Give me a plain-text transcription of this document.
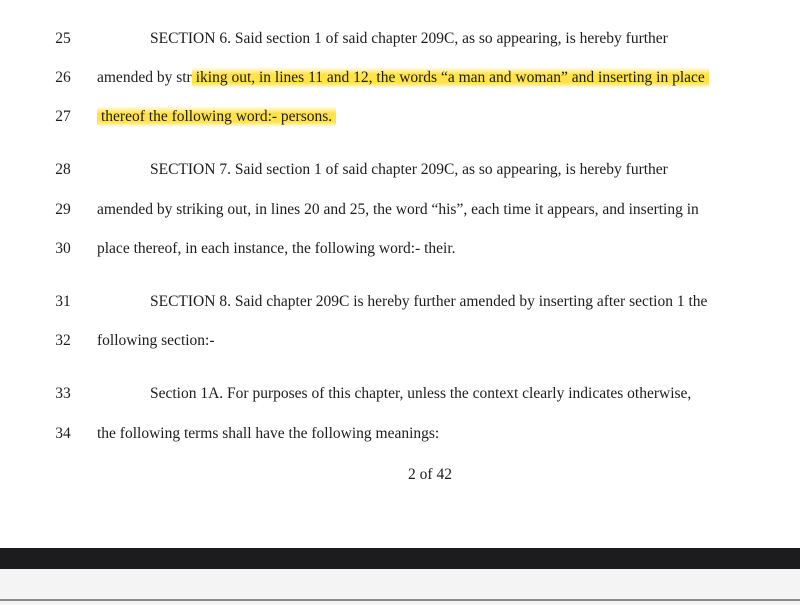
25	SECTION 6. Said section 1 of said chapter 209C, as so appearing, is hereby further
26	amended by str iking out, in lines 11 and 12, the words “a man and woman” and inserting in place
27	thereof the following word:- persons.
28	SECTION 7. Said section 1 of said chapter 209C, as so appearing, is hereby further
29	amended by striking out, in lines 20 and 25, the word “his”, each time it appears, and inserting in
30	place thereof, in each instance, the following word:- their.
31	SECTION 8. Said chapter 209C is hereby further amended by inserting after section 1 the
32	following section:-
33	Section 1A. For purposes of this chapter, unless the context clearly indicates otherwise,
34	the following terms shall have the following meanings:
2 of 42
